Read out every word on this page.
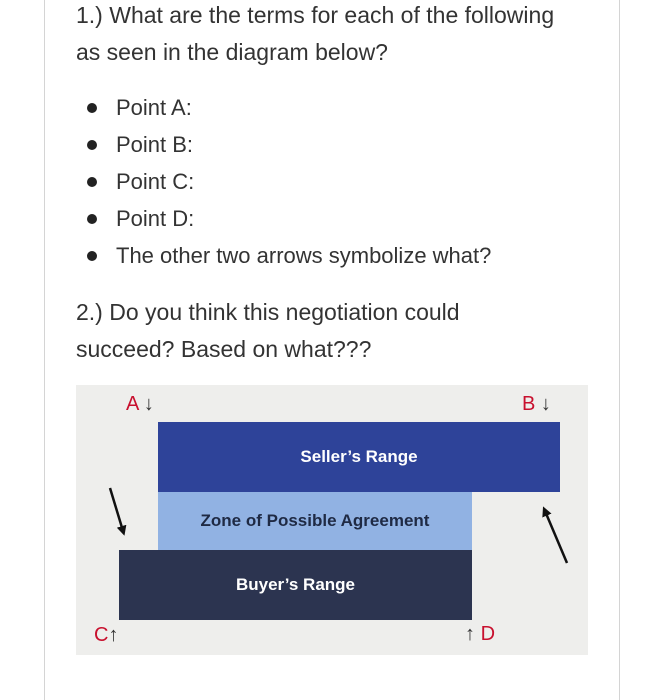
1.) What are the terms for each of the following

as seen in the diagram below?

Point A:
Point B:
Point C:
Point D:
The other two arrows symbolize what?

2.) Do you think this negotiation could

succeed? Based on what???

Seller’s Range
Zone of Possible Agreement
Buyer’s Range
A ↓	B ↓
C↑	↑ D
